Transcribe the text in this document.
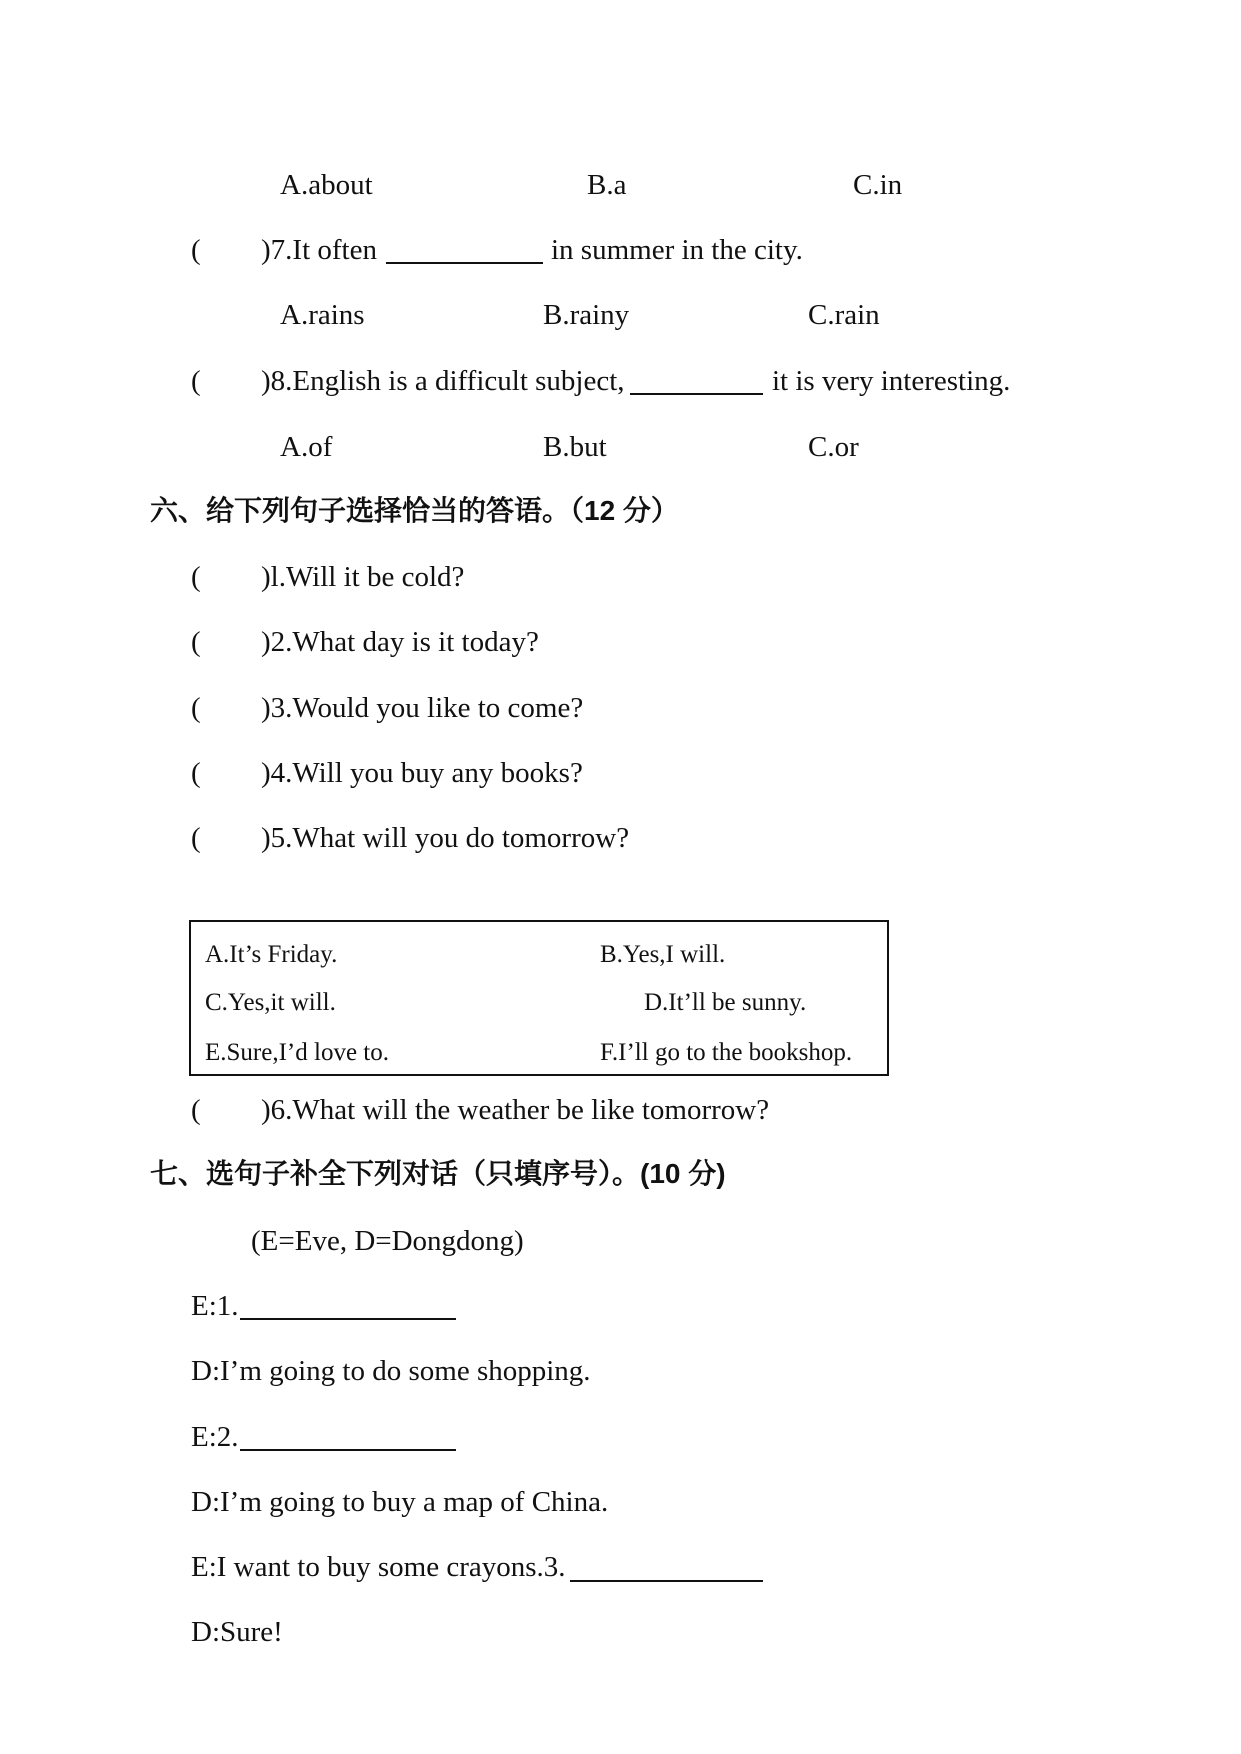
A.about	B.a	C.in
( )7.It often	in summer in the city.
A.rains	B.rainy	C.rain
( )8.English is a difficult subject,	it is very interesting.
A.of	B.but	C.or
六、给下列句子选择恰当的答语。（12 分）
( )l.Will it be cold?
( )2.What day is it today?
( )3.Would you like to come?
( )4.Will you buy any books?
( )5.What will you do tomorrow?
A.It’s Friday.	B.Yes,I will.
C.Yes,it will.	D.It’ll be sunny.
E.Sure,I’d love to.	F.I’ll go to the bookshop.
( )6.What will the weather be like tomorrow?
七、选句子补全下列对话（只填序号）。(10 分)
(E=Eve, D=Dongdong)
E:1.
D:I’m going to do some shopping.
E:2.
D:I’m going to buy a map of China.
E:I want to buy some crayons.3.
D:Sure!
